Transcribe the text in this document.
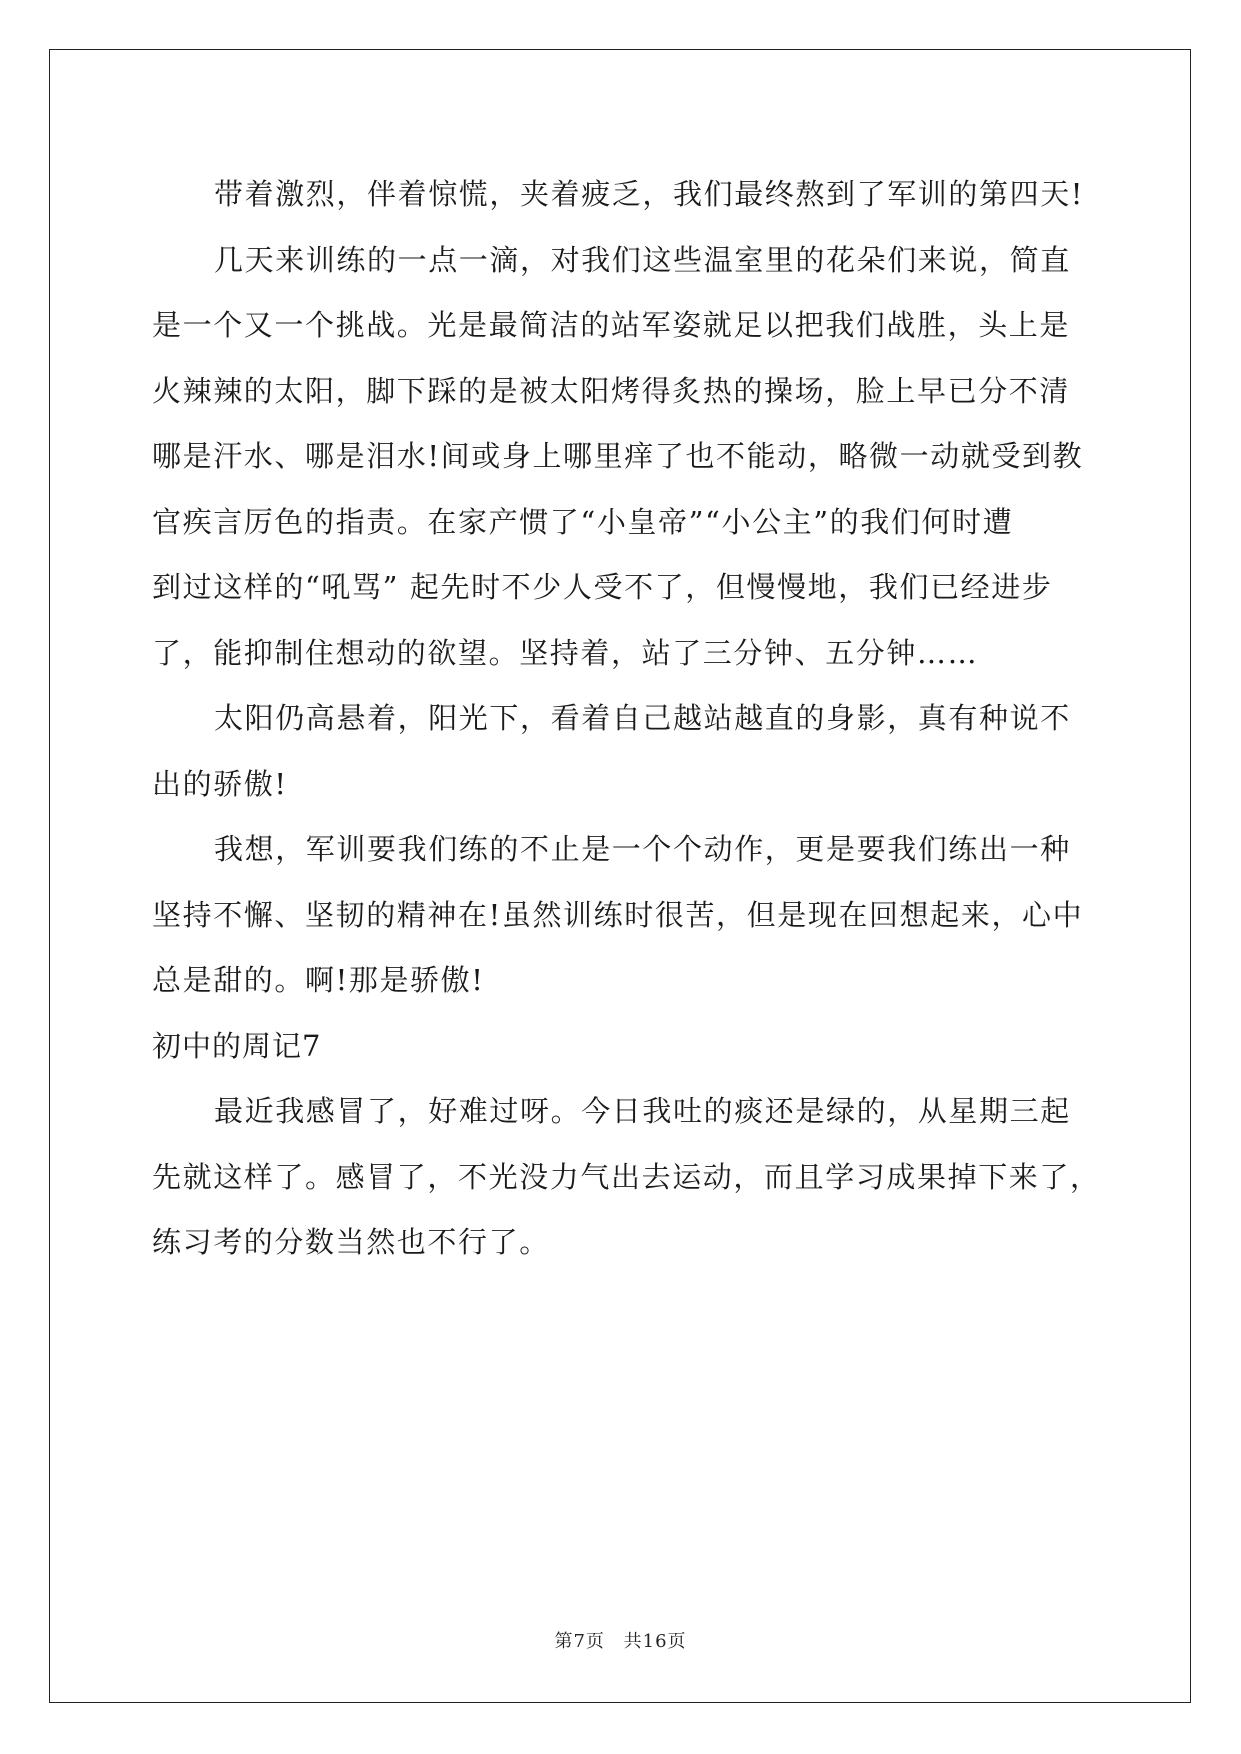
带着激烈，伴着惊慌，夹着疲乏，我们最终熬到了军训的第四天!
几天来训练的一点一滴，对我们这些温室里的花朵们来说，简直
是一个又一个挑战。光是最简洁的站军姿就足以把我们战胜，头上是
火辣辣的太阳，脚下踩的是被太阳烤得炙热的操场，脸上早已分不清
哪是汗水、哪是泪水!间或身上哪里痒了也不能动，略微一动就受到教
官疾言厉色的指责。在家产惯了“小皇帝”“小公主”的我们何时遭
到过这样的“吼骂” 起先时不少人受不了，但慢慢地，我们已经进步
了，能抑制住想动的欲望。坚持着，站了三分钟、五分钟……
太阳仍高悬着，阳光下，看着自己越站越直的身影，真有种说不
出的骄傲!
我想，军训要我们练的不止是一个个动作，更是要我们练出一种
坚持不懈、坚韧的精神在!虽然训练时很苦，但是现在回想起来，心中
总是甜的。啊!那是骄傲!
初中的周记7
最近我感冒了，好难过呀。今日我吐的痰还是绿的，从星期三起
先就这样了。感冒了，不光没力气出去运动，而且学习成果掉下来了，
练习考的分数当然也不行了。
第7页 共16页
